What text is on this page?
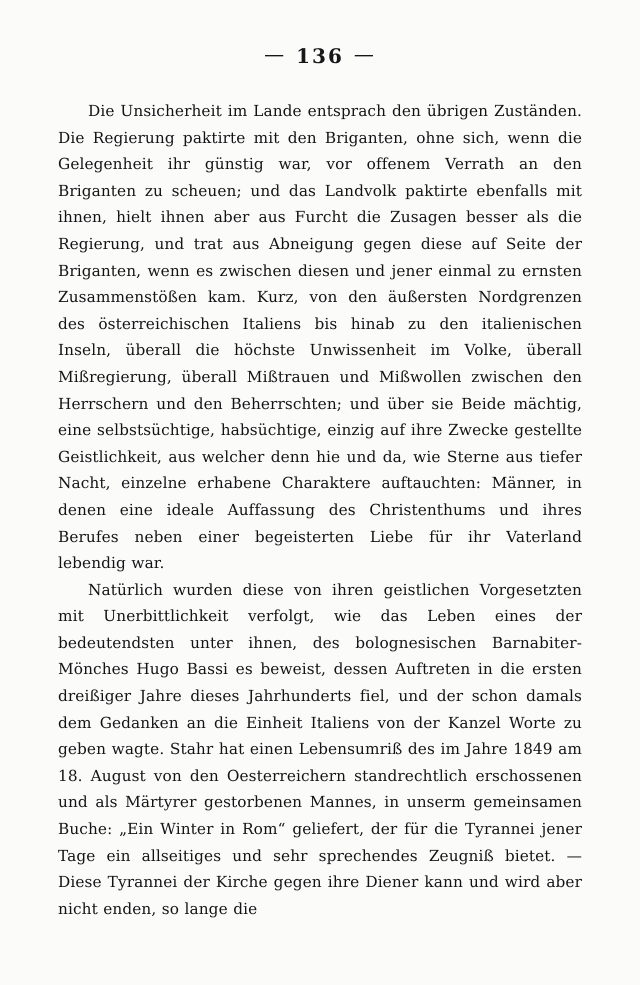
— 136 —

Die Unsicherheit im Lande entsprach den übrigen Zuständen. Die Regierung paktirte mit den Briganten, ohne sich, wenn die Gelegenheit ihr günstig war, vor offenem Verrath an den Briganten zu scheuen; und das Landvolk paktirte ebenfalls mit ihnen, hielt ihnen aber aus Furcht die Zusagen besser als die Regierung, und trat aus Abneigung gegen diese auf Seite der Briganten, wenn es zwischen diesen und jener einmal zu ernsten Zusammenstößen kam. Kurz, von den äußersten Nordgrenzen des österreichischen Italiens bis hinab zu den italienischen Inseln, überall die höchste Unwissenheit im Volke, überall Mißregierung, überall Mißtrauen und Mißwollen zwischen den Herrschern und den Beherrschten; und über sie Beide mächtig, eine selbstsüchtige, habsüchtige, einzig auf ihre Zwecke gestellte Geistlichkeit, aus welcher denn hie und da, wie Sterne aus tiefer Nacht, einzelne erhabene Charaktere auftauchten: Männer, in denen eine ideale Auffassung des Christenthums und ihres Berufes neben einer begeisterten Liebe für ihr Vaterland lebendig war.

Natürlich wurden diese von ihren geistlichen Vorgesetzten mit Unerbittlichkeit verfolgt, wie das Leben eines der bedeutendsten unter ihnen, des bolognesischen Barnabiter-Mönches Hugo Bassi es beweist, dessen Auftreten in die ersten dreißiger Jahre dieses Jahrhunderts fiel, und der schon damals dem Gedanken an die Einheit Italiens von der Kanzel Worte zu geben wagte. Stahr hat einen Lebensumriß des im Jahre 1849 am 18. August von den Oesterreichern standrechtlich erschossenen und als Märtyrer gestorbenen Mannes, in unserm gemeinsamen Buche: „Ein Winter in Rom“ geliefert, der für die Tyrannei jener Tage ein allseitiges und sehr sprechendes Zeugniß bietet. — Diese Tyrannei der Kirche gegen ihre Diener kann und wird aber nicht enden, so lange die
